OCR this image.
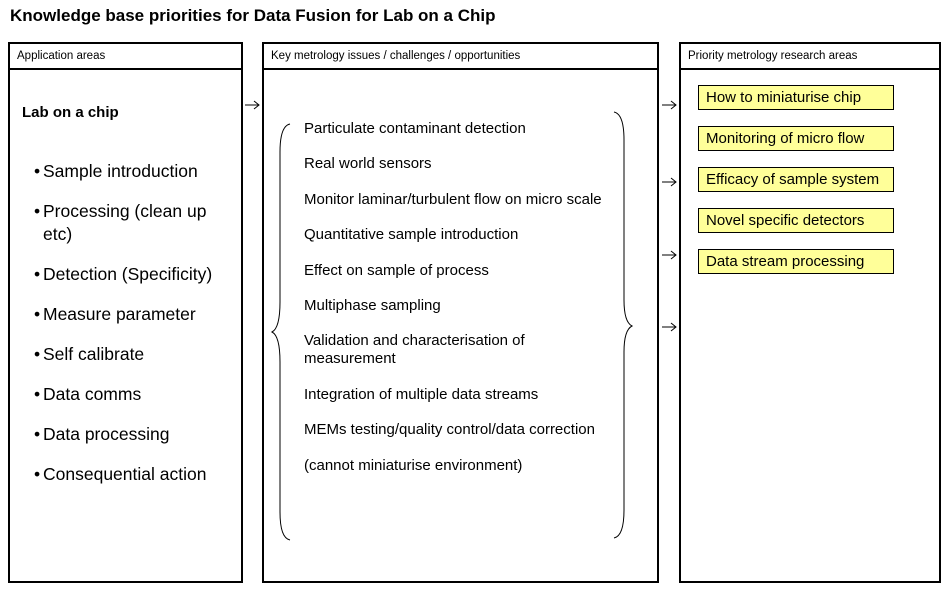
Knowledge base priorities for Data Fusion for Lab on a Chip
Application areas
Lab on a chip
• Sample introduction
• Processing (clean up etc)
• Detection (Specificity)
• Measure parameter
• Self calibrate
• Data comms
• Data processing
• Consequential action
Key metrology issues / challenges / opportunities
Particulate contaminant detection
Real world sensors
Monitor laminar/turbulent flow on micro scale
Quantitative sample introduction
Effect on sample of process
Multiphase sampling
Validation and characterisation of measurement
Integration of multiple data streams
MEMs testing/quality control/data correction
(cannot miniaturise environment)
Priority metrology research areas
How to miniaturise chip
Monitoring of micro flow
Efficacy of sample system
Novel specific detectors
Data stream processing
